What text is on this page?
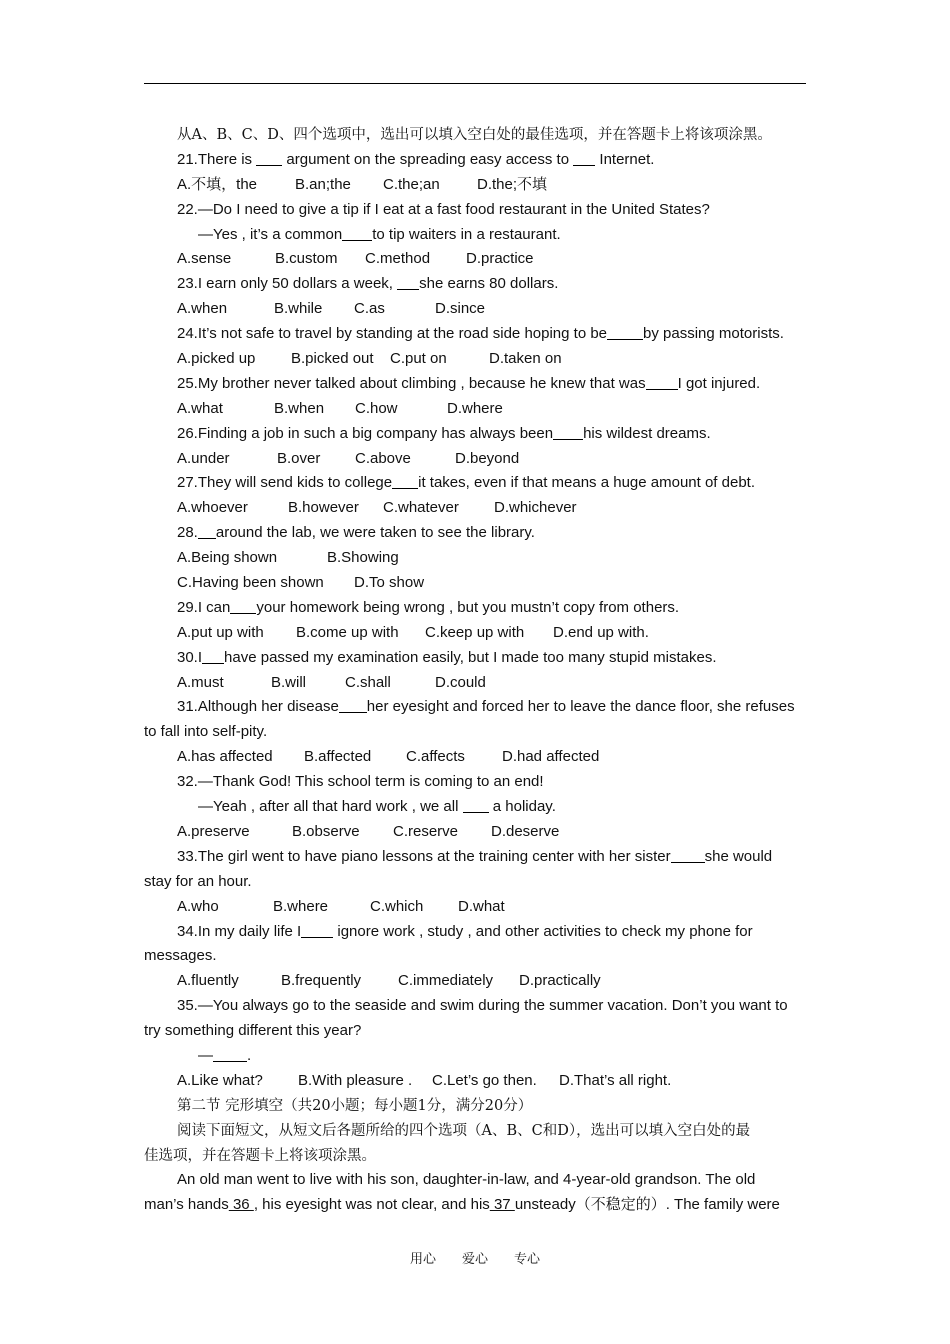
从A、B、C、D、四个选项中，选出可以填入空白处的最佳选项，并在答题卡上将该项涂黑。
21.There is  argument on the spreading easy access to  Internet.
A.不填，the	B.an;the C.the;an D.the;不填
22.—Do I need to give a tip if I eat at a fast food restaurant in the United States?
—Yes , it’s a common to tip waiters in a restaurant.
A.sense	B.custom C.method D.practice
23.I earn only 50 dollars a week, she earns 80 dollars.
A.when	B.while C.as	D.since
24.It’s not safe to travel by standing at the road side hoping to be by passing motorists.
A.picked up B.picked out C.put on	D.taken on
25.My brother never talked about climbing , because he knew that was I got injured.
A.what	B.when C.how	D.where
26.Finding a job in such a big company has always been his wildest dreams.
A.under	B.over C.above	D.beyond
27.They will send kids to college it takes, even if that means a huge amount of debt.
A.whoever	B.however C.whatever D.whichever
28. around the lab, we were taken to see the library.
A.Being shown	B.Showing
C.Having been shown D.To show
29.I can your homework being wrong , but you mustn’t copy from others.
A.put up with B.come up with C.keep up with D.end up with.
30.I have passed my examination easily, but I made too many stupid mistakes.
A.must	B.will	C.shall	D.could
31.Although her disease her eyesight and forced her to leave the dance floor, she refuses
to fall into self-pity.
A.has affected B.affected C.affects D.had affected
32.—Thank God! This school term is coming to an end!
—Yeah , after all that hard work , we all  a holiday.
A.preserve	B.observe C.reserve D.deserve
33.The girl went to have piano lessons at the training center with her sister she would
stay for an hour.
A.who	B.where	C.which D.what
34.In my daily life I ignore work , study , and other activities to check my phone for
messages.
A.fluently	B.frequently C.immediately D.practically
35.—You always go to the seaside and swim during the summer vacation. Don’t you want to
try something different this year?
— .
A.Like what? B.With pleasure . C.Let’s go then. D.That’s all right.
第二节 完形填空（共20小题；每小题1分，满分20分）
阅读下面短文，从短文后各题所给的四个选项（A、B、C和D），选出可以填入空白处的最
佳选项，并在答题卡上将该项涂黑。
An old man went to live with his son, daughter-in-law, and 4-year-old grandson. The old
man’s hands 36 , his eyesight was not clear, and his 37 unsteady（不稳定的）. The family were
用心 爱心 专心
